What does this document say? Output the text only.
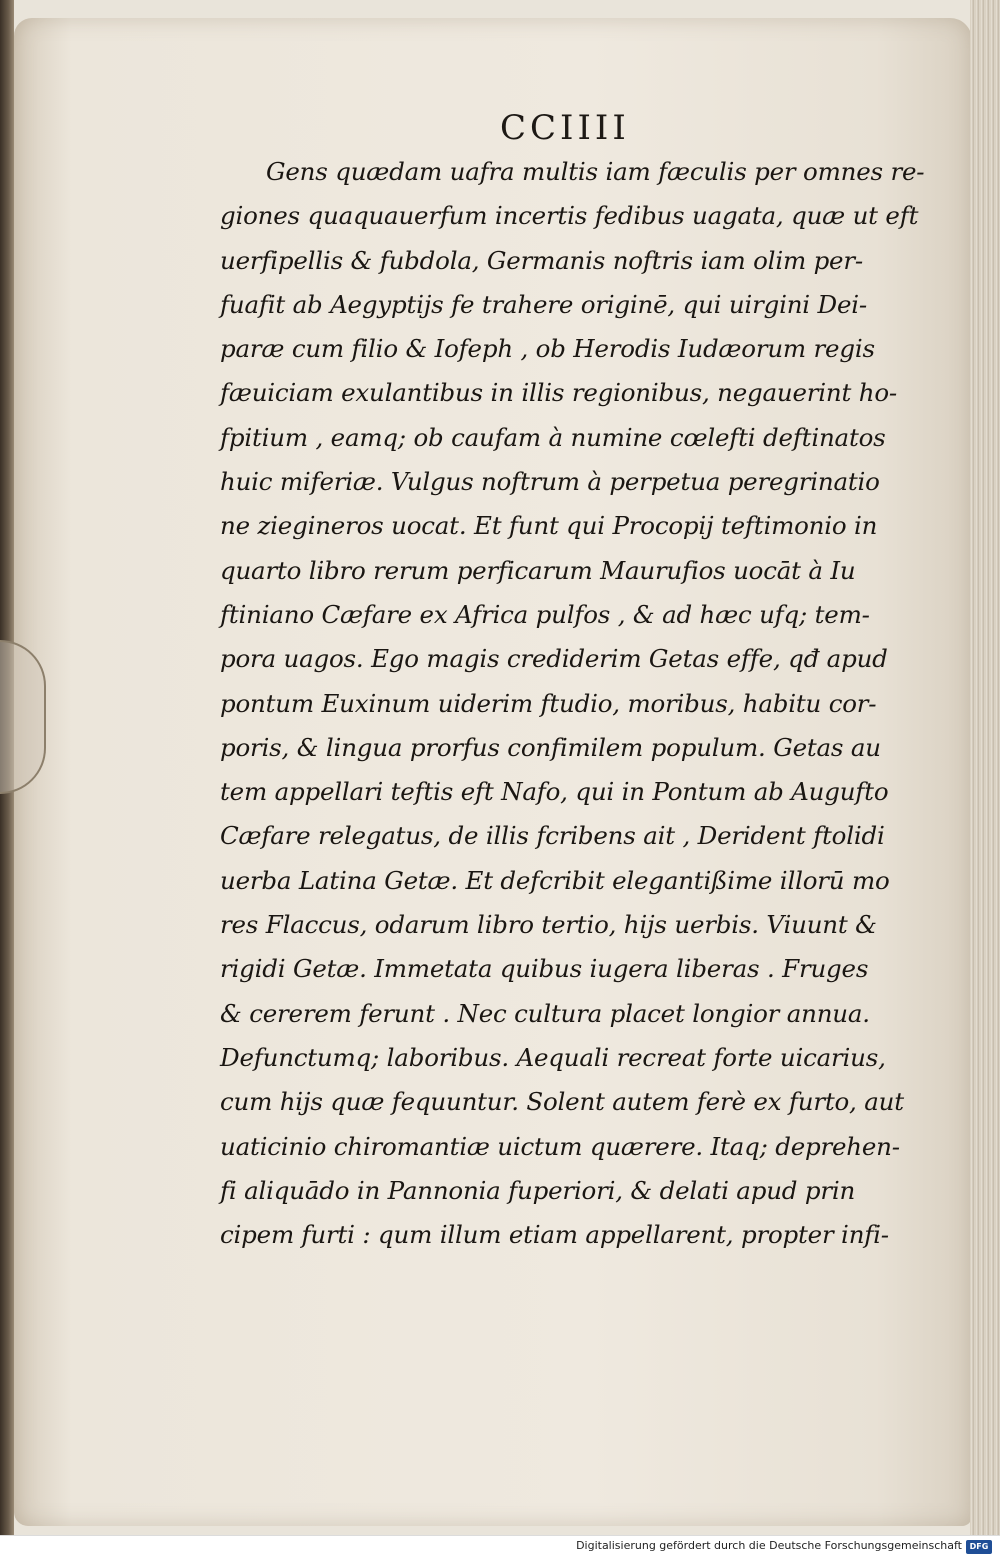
CCIIII

Gens quædam uafra multis iam fæculis per omnes re-
giones quaquauerfum incertis fedibus uagata, quæ ut eft
uerfipellis & fubdola, Germanis noftris iam olim per-
fuafit ab Aegyptijs fe trahere originē, qui uirgini Dei-
paræ cum filio & Iofeph , ob Herodis Iudæorum regis
fæuiciam exulantibus in illis regionibus, negauerint ho-
fpitium , eamq; ob caufam à numine cœlefti deftinatos
huic miferiæ. Vulgus noftrum à perpetua peregrinatio
ne ziegineros uocat. Et funt qui Procopij teftimonio in
quarto libro rerum perficarum Maurufios uocāt à Iu
ftiniano Cæfare ex Africa pulfos , & ad hæc ufq; tem-
pora uagos. Ego magis crediderim Getas effe, qđ apud
pontum Euxinum uiderim ftudio, moribus, habitu cor-
poris, & lingua prorfus confimilem populum. Getas au
tem appellari teftis eft Nafo, qui in Pontum ab Augufto
Cæfare relegatus, de illis fcribens ait , Derident ftolidi
uerba Latina Getæ. Et defcribit elegantißime illorū mo
res Flaccus, odarum libro tertio, hijs uerbis. Viuunt &
rigidi Getæ. Immetata quibus iugera liberas . Fruges
& cererem ferunt . Nec cultura placet longior annua.
Defunctumq; laboribus. Aequali recreat forte uicarius,
cum hijs quæ fequuntur. Solent autem ferè ex furto, aut
uaticinio chiromantiæ uictum quærere. Itaq; deprehen-
fi aliquādo in Pannonia fuperiori, & delati apud prin
cipem furti : qum illum etiam appellarent, propter infi-

Digitalisierung gefördert durch die Deutsche Forschungsgemeinschaft DFG
